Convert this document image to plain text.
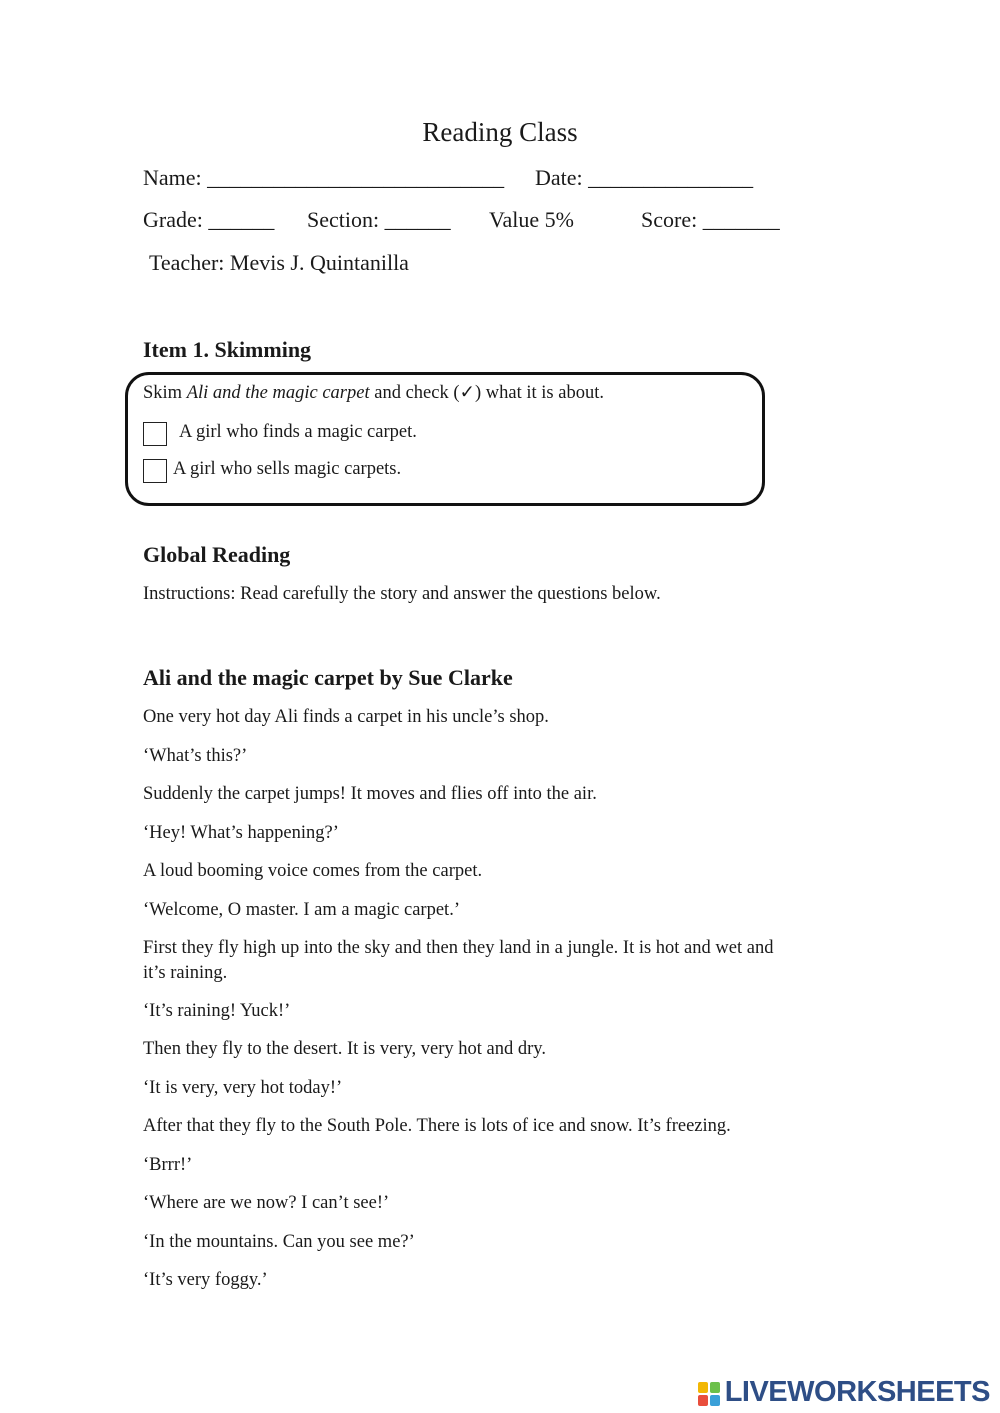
Reading Class
Name: ___________________________ Date: _______________
Grade: ______ Section: ______ Value 5%	Score: _______
Teacher: Mevis J. Quintanilla
Item 1. Skimming
Skim Ali and the magic carpet and check (✓) what it is about.
A girl who finds a magic carpet.
A girl who sells magic carpets.
Global Reading
Instructions: Read carefully the story and answer the questions below.
Ali and the magic carpet by Sue Clarke
One very hot day Ali finds a carpet in his uncle’s shop.
‘What’s this?’
Suddenly the carpet jumps! It moves and flies off into the air.
‘Hey! What’s happening?’
A loud booming voice comes from the carpet.
‘Welcome, O master. I am a magic carpet.’
First they fly high up into the sky and then they land in a jungle. It is hot and wet and
it’s raining.
‘It’s raining! Yuck!’
Then they fly to the desert. It is very, very hot and dry.
‘It is very, very hot today!’
After that they fly to the South Pole. There is lots of ice and snow. It’s freezing.
‘Brrr!’
‘Where are we now? I can’t see!’
‘In the mountains. Can you see me?’
‘It’s very foggy.’
LIVEWORKSHEETS
